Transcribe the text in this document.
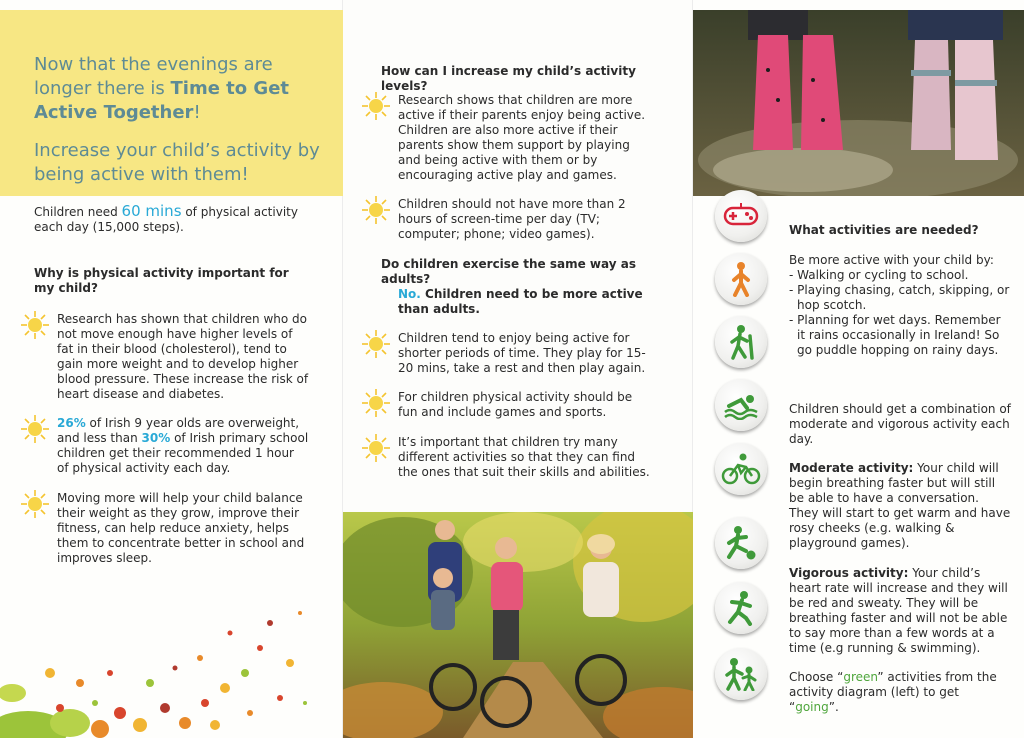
Now that the evenings are longer there is Time to Get Active Together!
Increase your child’s activity by being active with them!
Children need 60 mins of physical activity each day (15,000 steps).
Why is physical activity important for my child?
Research has shown that children who do not move enough have higher levels of fat in their blood (cholesterol), tend to gain more weight and to develop higher blood pressure. These increase the risk of heart disease and diabetes.
26% of Irish 9 year olds are overweight, and less than 30% of Irish primary school children get their recommended 1 hour of physical activity each day.
Moving more will help your child balance their weight as they grow, improve their fitness, can help reduce anxiety, helps them to concentrate better in school and improves sleep.
How can I increase my child’s activity levels?
Research shows that children are more active if their parents enjoy being active. Children are also more active if their parents show them support by playing and being active with them or by encouraging active play and games.
Children should not have more than 2 hours of screen-time per day (TV; computer; phone; video games).
Do children exercise the same way as adults?
No. Children need to be more active than adults.
Children tend to enjoy being active for shorter periods of time. They play for 15-20 mins, take a rest and then play again.
For children physical activity should be fun and include games and sports.
It’s important that children try many different activities so that they can find the ones that suit their skills and abilities.
What activities are needed?
Be more active with your child by:
- Walking or cycling to school.
- Playing chasing, catch, skipping, or hop scotch.
- Planning for wet days. Remember it rains occasionally in Ireland! So go puddle hopping on rainy days.
Children should get a combination of moderate and vigorous activity each day.
Moderate activity: Your child will begin breathing faster but will still be able to have a conversation. They will start to get warm and have rosy cheeks (e.g. walking & playground games).
Vigorous activity: Your child’s heart rate will increase and they will be red and sweaty. They will be breathing faster and will not be able to say more than a few words at a time (e.g running & swimming).
Choose “green” activities from the activity diagram (left) to get “going”.
